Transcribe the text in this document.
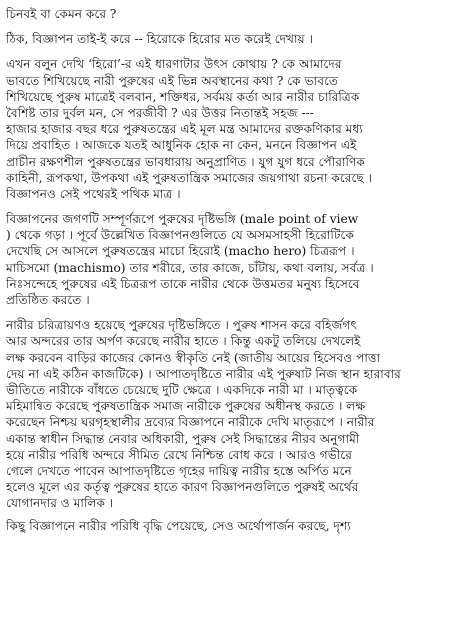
চিনবই বা কেমন করে ?
ঠিক, বিজ্ঞাপন তাই-ই করে -- হিরোকে হিরোর মত করেই দেখায় ।
এখন বলুন দেখি ‘হিরো’-র এই ধারণাটার উৎস কোথায় ? কে আমাদের
ভাবতে শিখিয়েছে নারী পুরুষের এই ভিন্ন অবস্থানের কথা ? কে ভাবতে
শিখিয়েছে পুরুষ মাত্রেই বলবান, শক্তিধর, সর্বময় কর্তা আর নারীর চারিত্রিক
বৈশিষ্ট তার দুর্বল মন, সে পরজীবী ? এর উত্তর নিতান্তই সহজ ---
হাজার হাজার বছর ধরে পুরুষতন্ত্রের এই মূল মন্ত্র আমাদের রক্তকণিকার মধ্য
দিয়ে প্রবাহিত । আজকে যতই আধুনিক হোক না কেন, মননে বিজ্ঞাপন এই
প্রাচীন রক্ষণশীল পুরুষতন্ত্রের ভাবধারায় অনুপ্রাণিত । যুগ যুগ ধরে পৌরাণিক
কাহিনী, রূপকথা, উপকথা এই পুরুষতান্ত্রিক সমাজের জয়গাথা রচনা করেছে ।
বিজ্ঞাপনও সেই পথেরই পথিক মাত্র ।
বিজ্ঞাপনের জগণটি সম্পূর্ণরূপে পুরুষের দৃষ্টিভঙ্গি (male point of view
) থেকে গড়া । পূর্বে উল্লেখিত বিজ্ঞাপনগুলিতে যে অসমসাহসী হিরোটিকে
দেখেছি সে আসলে পুরুষতন্ত্রের মাচো হিরোই (macho hero) চিত্ররূপ ।
মাচিসমো (machismo) তার শরীরে, তার কাজে, চাঁটায়, কথা বলায়, সর্বত্র ।
নিঃসন্দেহে পুরুষের এই চিত্ররূপ তাকে নারীর থেকে উত্তমতর মনুষ্য হিসেবে
প্রতিষ্ঠিত করতে ।
নারীর চরিত্রায়ণও হয়েছে পুরুষের দৃষ্টিভঙ্গিতে । পুরুষ শাসন করে বহির্জগৎ
আর অন্দরের তার অর্পণ করেছে নারীর হাতে । কিন্তু একটু তলিয়ে দেখলেই
লক্ষ করবেন বাড়ির কাজের কোনও স্বীকৃতি নেই (জাতীয় আয়ের হিসেবও পাত্তা
দেয় না এই কঠিন কাজটিকে) । আপাতদৃষ্টিতে নারীর এই পুরুষাট নিজ স্থান হারাবার
ভীতিতে নারীকে বাঁধতে চেয়েছে দুটি ক্ষেত্রে । একদিকে নারী মা । মাতৃত্বকে
মহিমান্বিত করেছে পুরুষতান্ত্রিক সমাজ নারীকে পুরুষের অধীনস্থ করতে । লক্ষ
করেছেন নিশ্চয় ঘরগৃহস্থালীর দ্রব্যের বিজ্ঞাপনে নারীকে দেখি মাতৃরূপে । নারীর
একান্ত স্বাধীন সিদ্ধান্ত নেবার অধিকারী, পুরুষ সেই সিদ্ধান্তের নীরব অনুগামী
হয়ে নারীর পরিধি অন্দরে সীমিত রেখে নিশ্চিন্ত বোধ করে । আরও গভীরে
গেলে দেখতে পাবেন আপাতদৃষ্টিতে গৃহের দায়িত্ব নারীর হস্তে অর্পিত মনে
হলেও মূলে এর কর্তৃত্ব পুরুষের হাতে কারণ বিজ্ঞাপনগুলিতে পুরুষই অর্থের
যোগানদার ও মালিক ।
কিছু বিজ্ঞাপনে নারীর পরিধি বৃদ্ধি পেয়েছে, সেও অর্থোপার্জন করছে, দৃশ্য
